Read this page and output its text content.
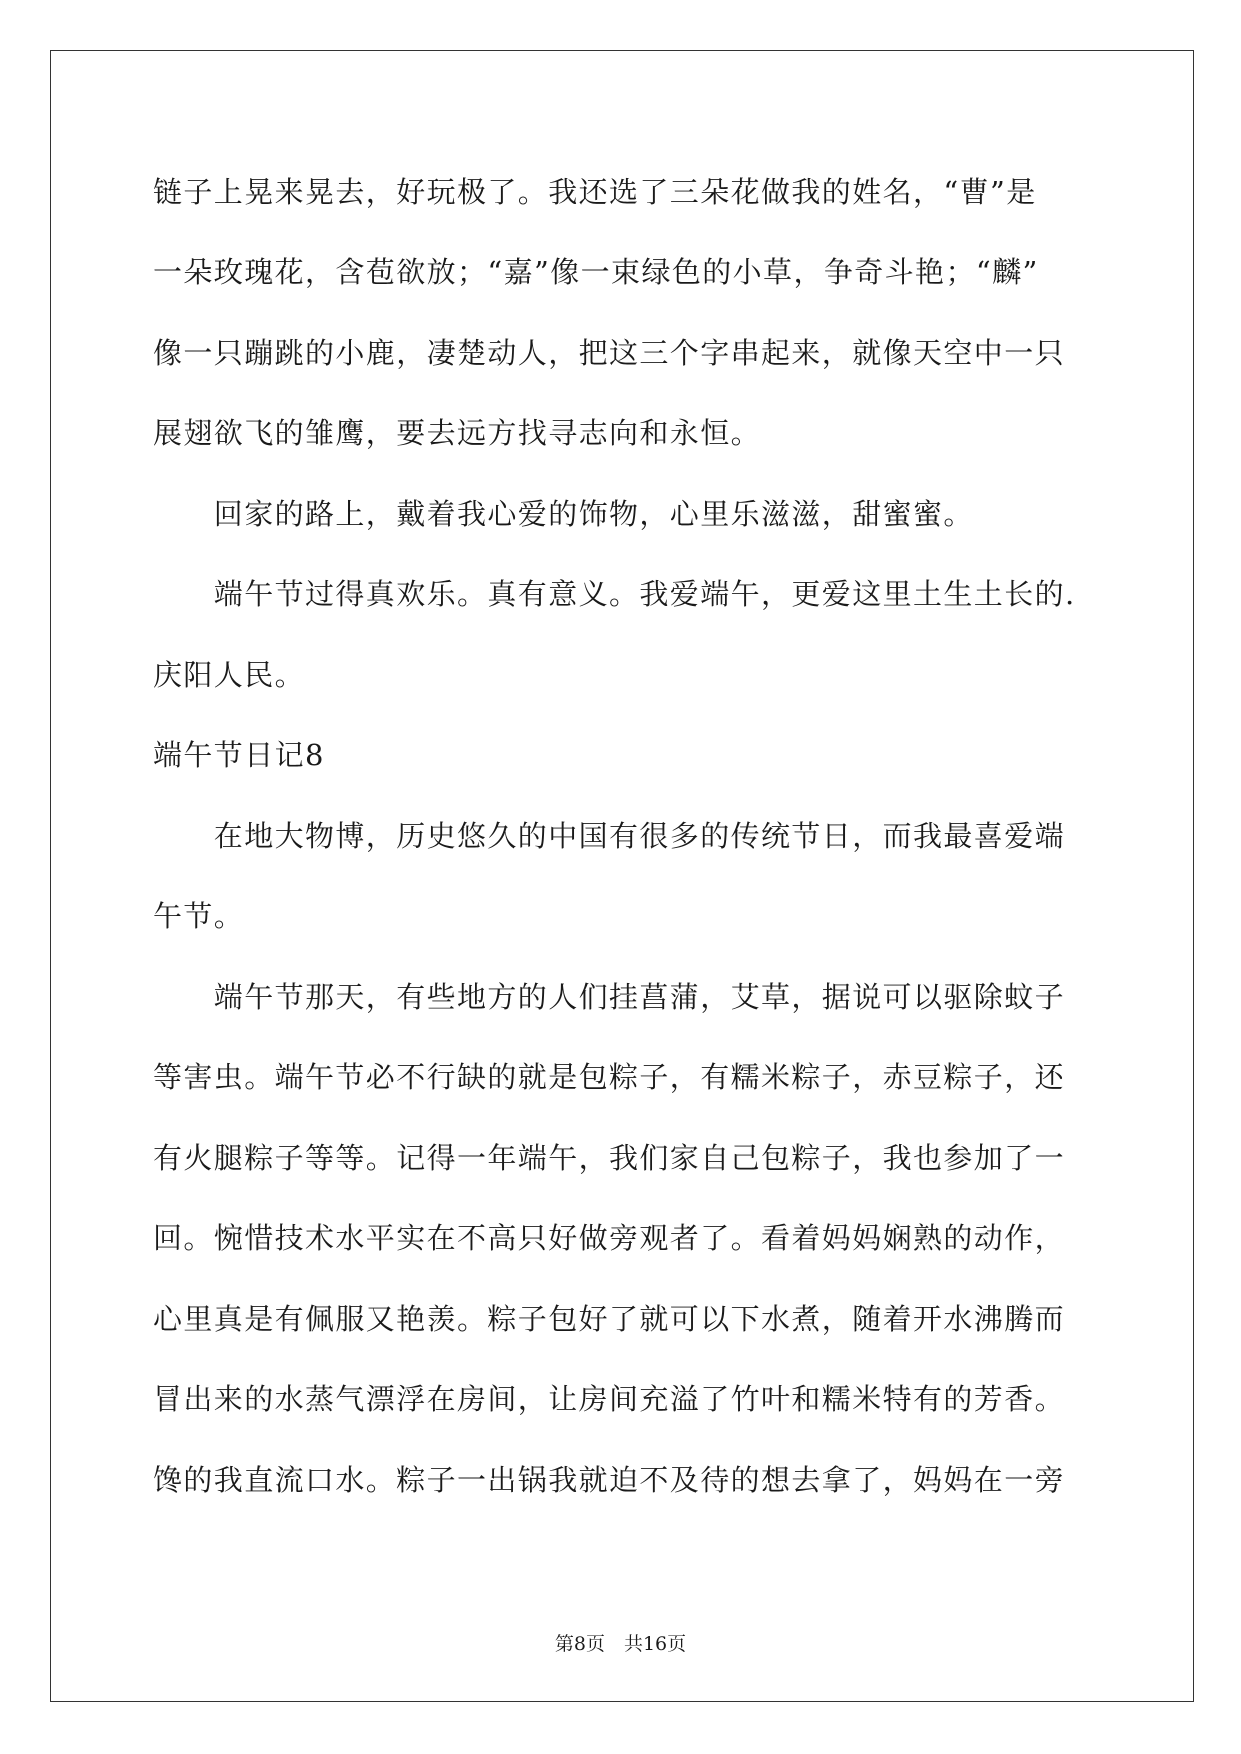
链子上晃来晃去，好玩极了。我还选了三朵花做我的姓名，“曹”是
一朵玫瑰花，含苞欲放；“嘉”像一束绿色的小草，争奇斗艳；“麟”
像一只蹦跳的小鹿，凄楚动人，把这三个字串起来，就像天空中一只
展翅欲飞的雏鹰，要去远方找寻志向和永恒。
　　回家的路上，戴着我心爱的饰物，心里乐滋滋，甜蜜蜜。
　　端午节过得真欢乐。真有意义。我爱端午，更爱这里土生土长的.
庆阳人民。
端午节日记8
　　在地大物博，历史悠久的中国有很多的传统节日，而我最喜爱端
午节。
　　端午节那天，有些地方的人们挂菖蒲，艾草，据说可以驱除蚊子
等害虫。端午节必不行缺的就是包粽子，有糯米粽子，赤豆粽子，还
有火腿粽子等等。记得一年端午，我们家自己包粽子，我也参加了一
回。惋惜技术水平实在不高只好做旁观者了。看着妈妈娴熟的动作，
心里真是有佩服又艳羡。粽子包好了就可以下水煮，随着开水沸腾而
冒出来的水蒸气漂浮在房间，让房间充溢了竹叶和糯米特有的芳香。
馋的我直流口水。粽子一出锅我就迫不及待的想去拿了，妈妈在一旁
第8页　共16页
